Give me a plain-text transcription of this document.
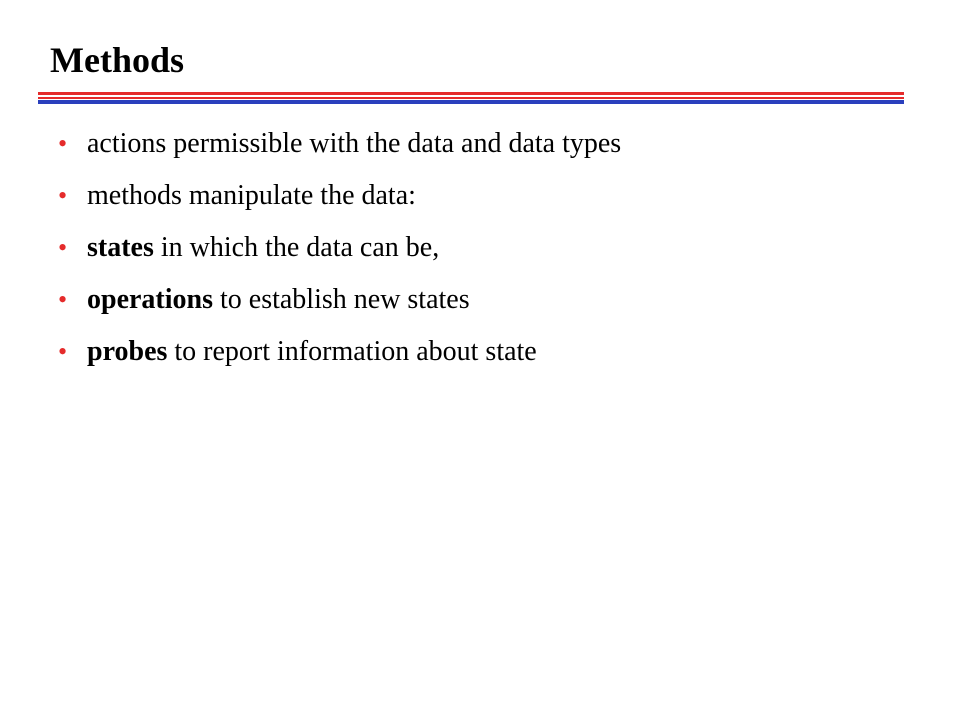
Methods
• actions permissible with the data and data types
• methods manipulate the data:
• states in which the data can be,
• operations to establish new states
• probes to report information about state
